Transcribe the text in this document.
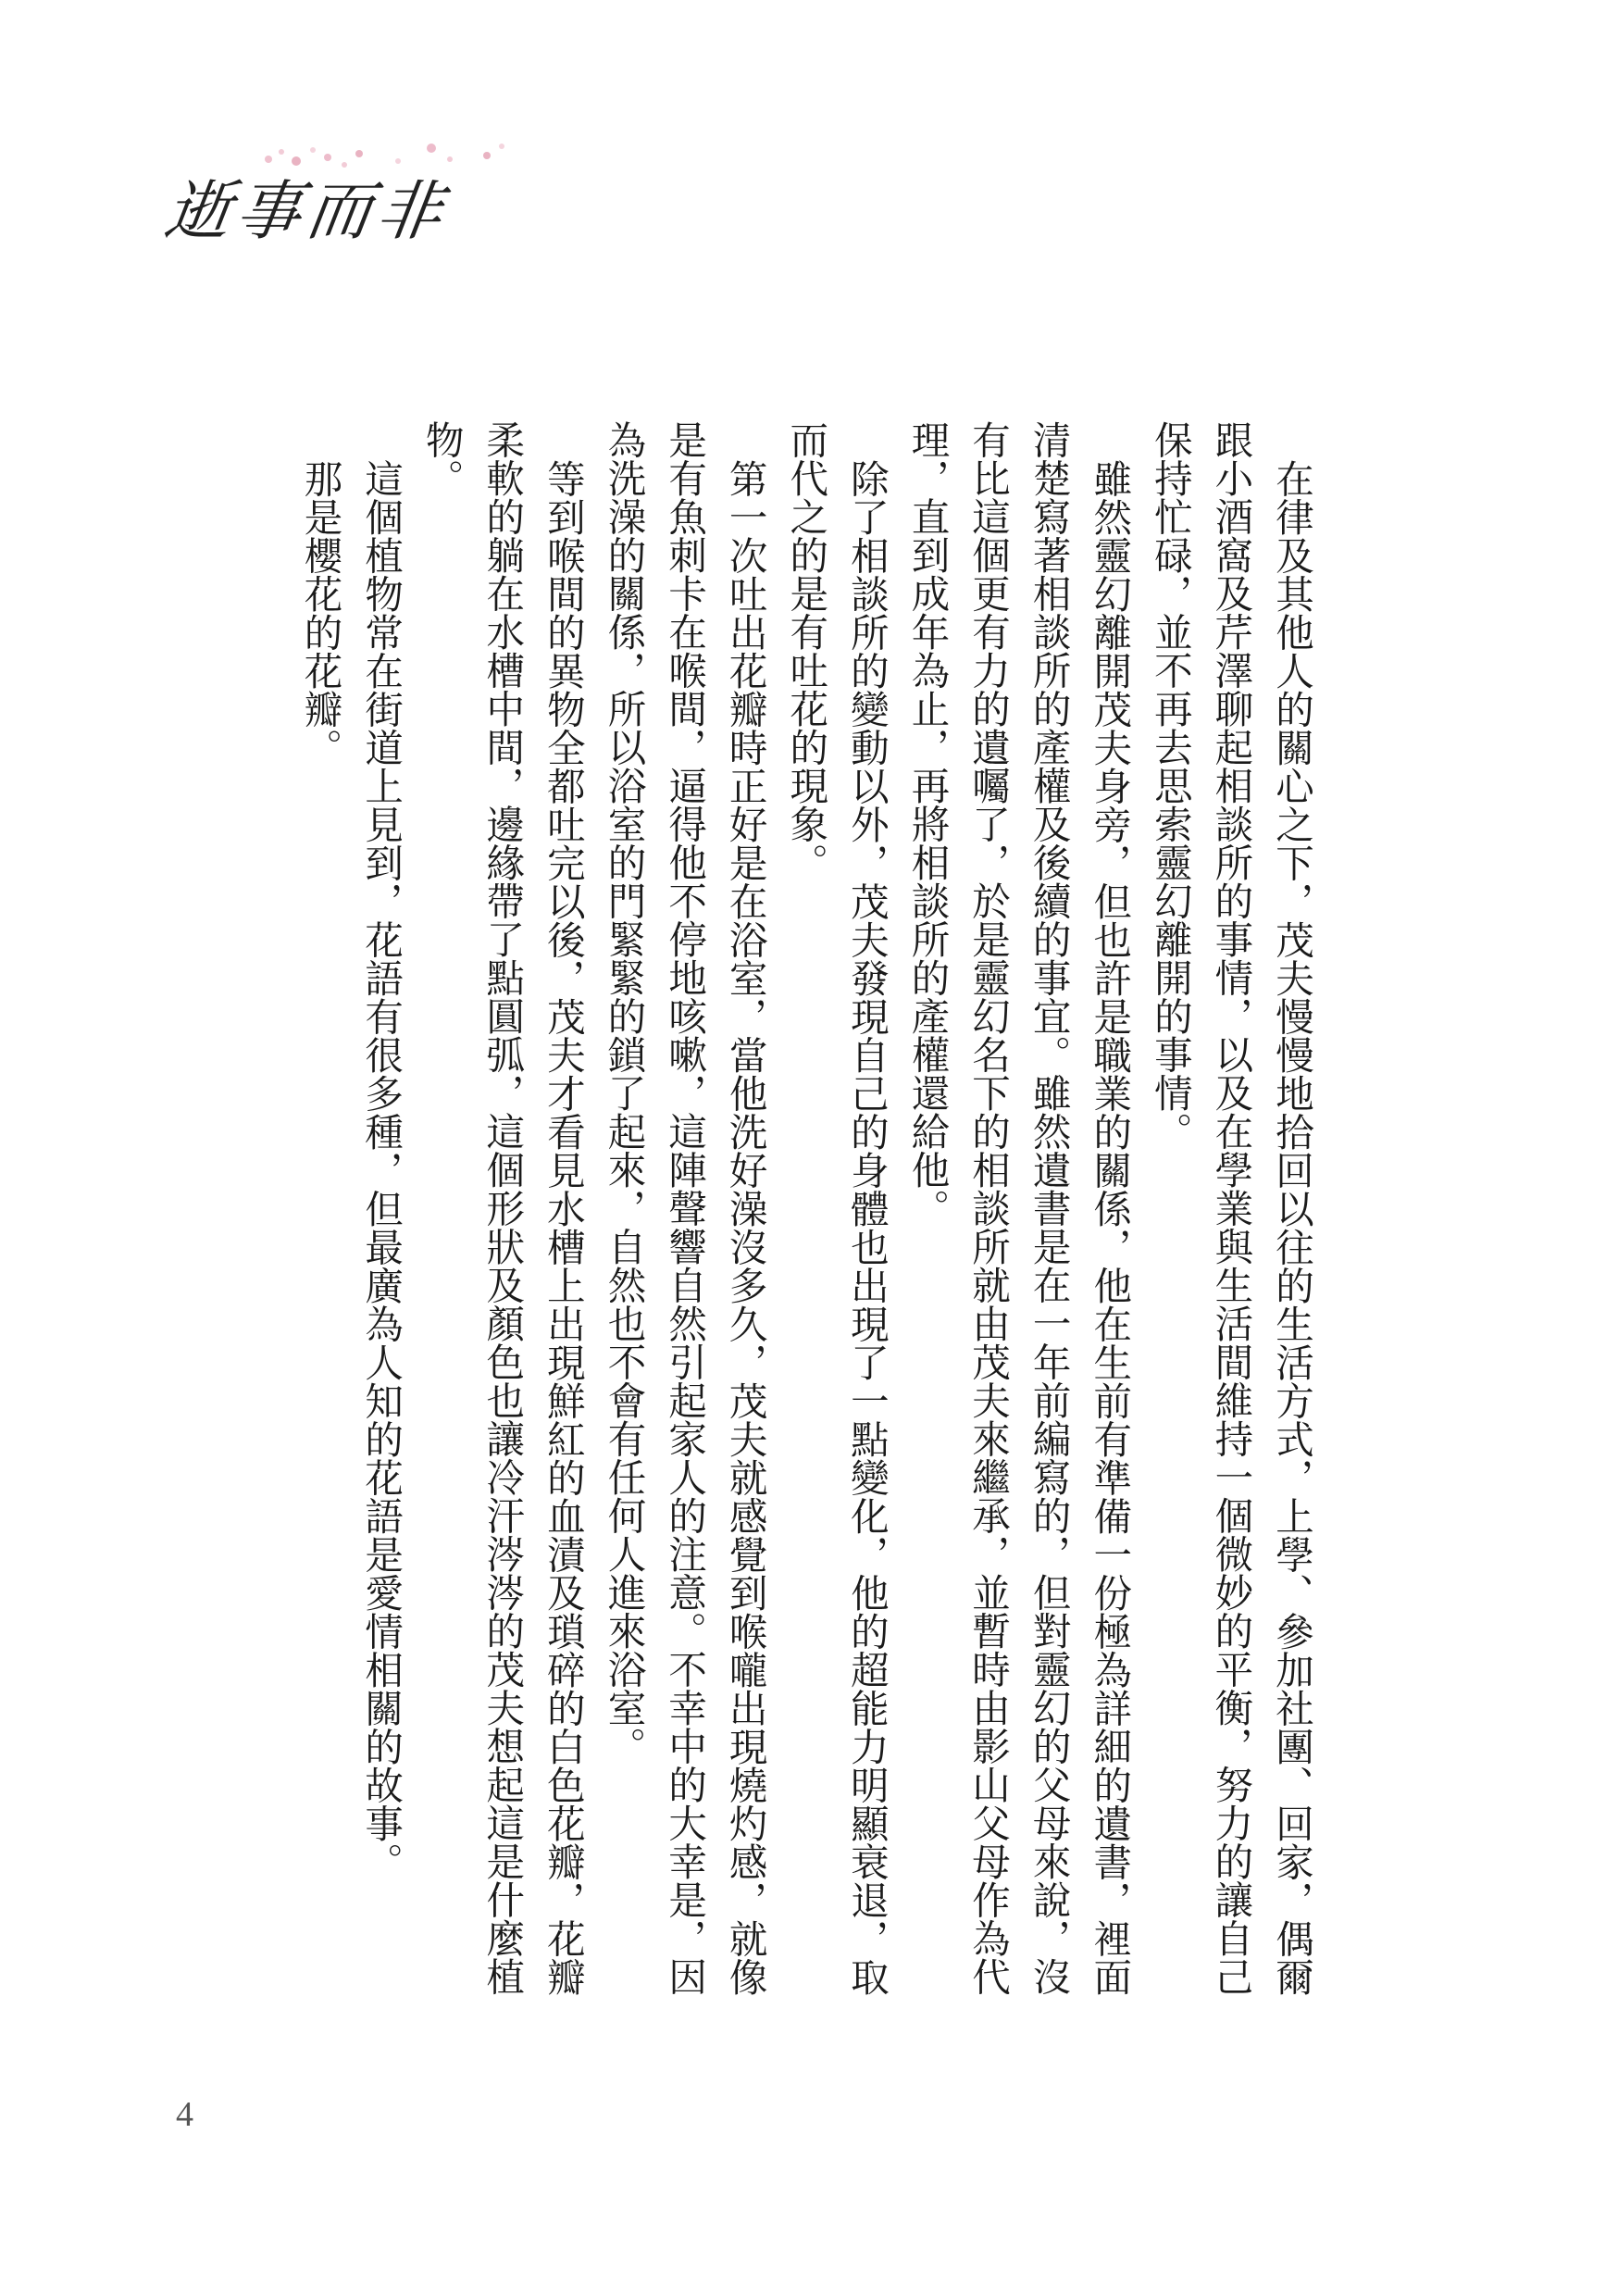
逝事而非

在律及其他人的關心之下，茂夫慢慢地拾回以往的生活方式，上學、參加社團、回家，偶爾跟小酒窩及芹澤聊起相談所的事情，以及在學業與生活間維持一個微妙的平衡，努力的讓自己保持忙碌，並不再去思索靈幻離開的事情。

雖然靈幻離開茂夫身旁，但也許是職業的關係，他在生前有準備一份極為詳細的遺書，裡面清楚寫著相談所的產權及後續的事宜。雖然遺書是在一年前編寫的，但對靈幻的父母來說，沒有比這個更有力的遺囑了，於是靈幻名下的相談所就由茂夫來繼承，並暫時由影山父母作為代理，直到成年為止，再將相談所的產權還給他。

除了相談所的變動以外，茂夫發現自己的身體也出現了一點變化，他的超能力明顯衰退，取而代之的是有吐花的現象。

第一次吐出花瓣時正好是在浴室，當他洗好澡沒多久，茂夫就感覺到喉嚨出現燒灼感，就像是有魚刺卡在喉間，逼得他不停地咳嗽，這陣聲響自然引起家人的注意。不幸中的大幸是，因為洗澡的關係，所以浴室的門緊緊的鎖了起來，自然也不會有任何人進來浴室。

等到喉間的異物全都吐完以後，茂夫才看見水槽上出現鮮紅的血漬及瑣碎的白色花瓣，花瓣柔軟的躺在水槽中間，邊緣帶了點圓弧，這個形狀及顏色也讓冷汗涔涔的茂夫想起這是什麼植物。

這個植物常在街道上見到，花語有很多種，但最廣為人知的花語是愛情相關的故事。

那是櫻花的花瓣。

4
